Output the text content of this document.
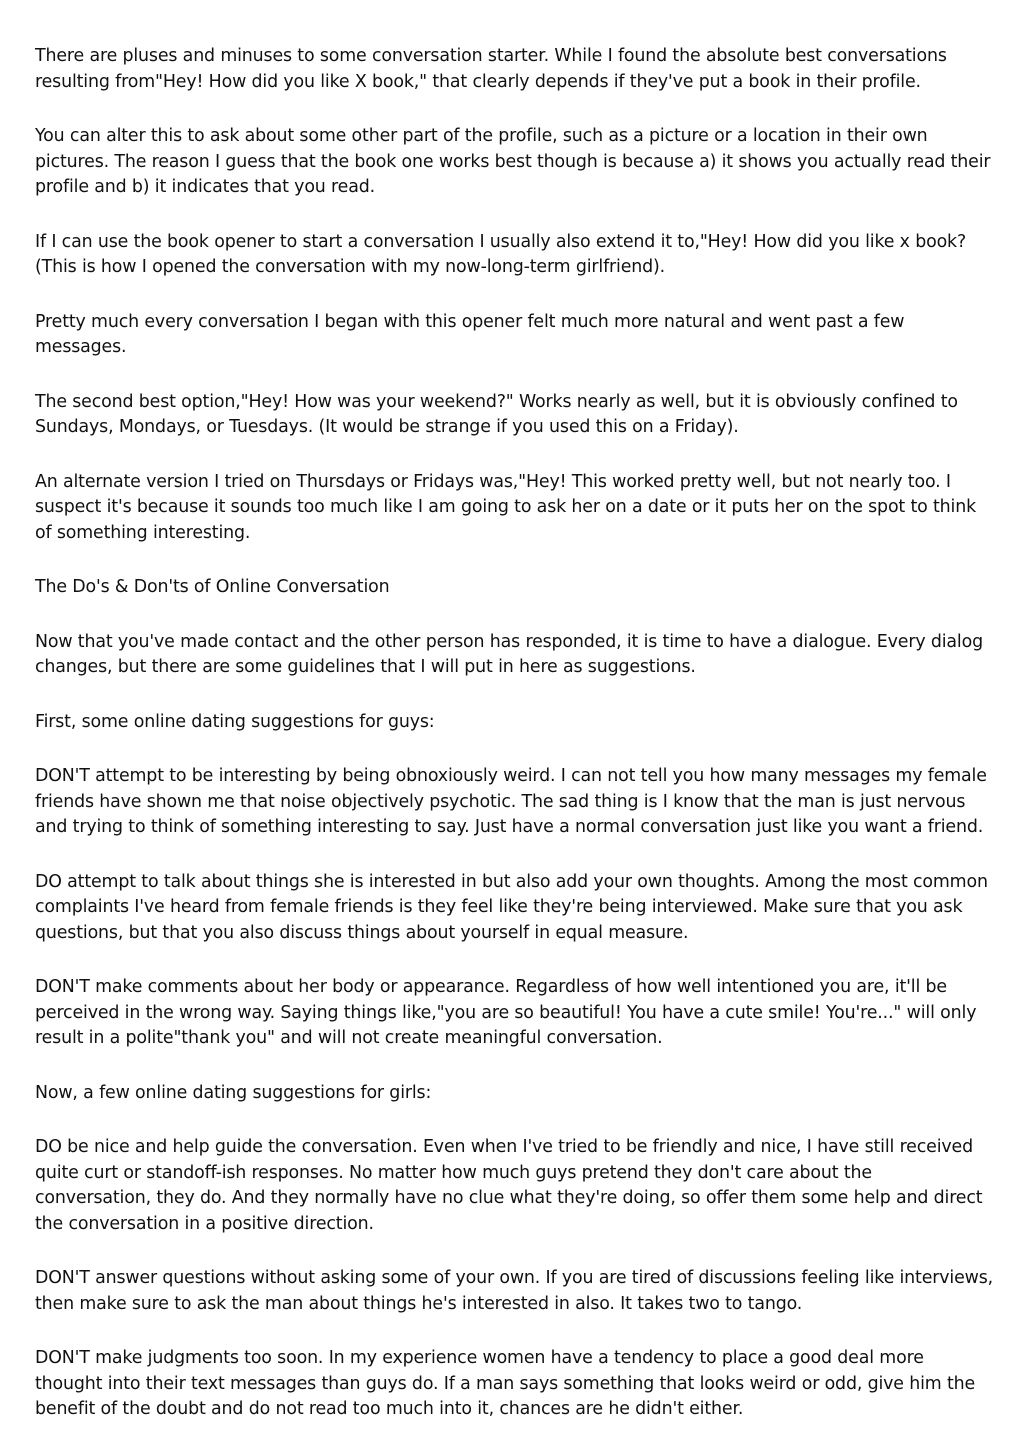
There are pluses and minuses to some conversation starter. While I found the absolute best conversations resulting from"Hey! How did you like X book," that clearly depends if they've put a book in their profile.

You can alter this to ask about some other part of the profile, such as a picture or a location in their own pictures. The reason I guess that the book one works best though is because a) it shows you actually read their profile and b) it indicates that you read.

If I can use the book opener to start a conversation I usually also extend it to,"Hey! How did you like x book? (This is how I opened the conversation with my now-long-term girlfriend).

Pretty much every conversation I began with this opener felt much more natural and went past a few messages.

The second best option,"Hey! How was your weekend?" Works nearly as well, but it is obviously confined to Sundays, Mondays, or Tuesdays. (It would be strange if you used this on a Friday).

An alternate version I tried on Thursdays or Fridays was,"Hey! This worked pretty well, but not nearly too. I suspect it's because it sounds too much like I am going to ask her on a date or it puts her on the spot to think of something interesting.

The Do's & Don'ts of Online Conversation

Now that you've made contact and the other person has responded, it is time to have a dialogue. Every dialog changes, but there are some guidelines that I will put in here as suggestions.

First, some online dating suggestions for guys:

DON'T attempt to be interesting by being obnoxiously weird. I can not tell you how many messages my female friends have shown me that noise objectively psychotic. The sad thing is I know that the man is just nervous and trying to think of something interesting to say. Just have a normal conversation just like you want a friend.

DO attempt to talk about things she is interested in but also add your own thoughts. Among the most common complaints I've heard from female friends is they feel like they're being interviewed. Make sure that you ask questions, but that you also discuss things about yourself in equal measure.

DON'T make comments about her body or appearance. Regardless of how well intentioned you are, it'll be perceived in the wrong way. Saying things like,"you are so beautiful! You have a cute smile! You're..." will only result in a polite"thank you" and will not create meaningful conversation.

Now, a few online dating suggestions for girls:

DO be nice and help guide the conversation. Even when I've tried to be friendly and nice, I have still received quite curt or standoff-ish responses. No matter how much guys pretend they don't care about the conversation, they do. And they normally have no clue what they're doing, so offer them some help and direct the conversation in a positive direction.

DON'T answer questions without asking some of your own. If you are tired of discussions feeling like interviews, then make sure to ask the man about things he's interested in also. It takes two to tango.

DON'T make judgments too soon. In my experience women have a tendency to place a good deal more thought into their text messages than guys do. If a man says something that looks weird or odd, give him the benefit of the doubt and do not read too much into it, chances are he didn't either.
